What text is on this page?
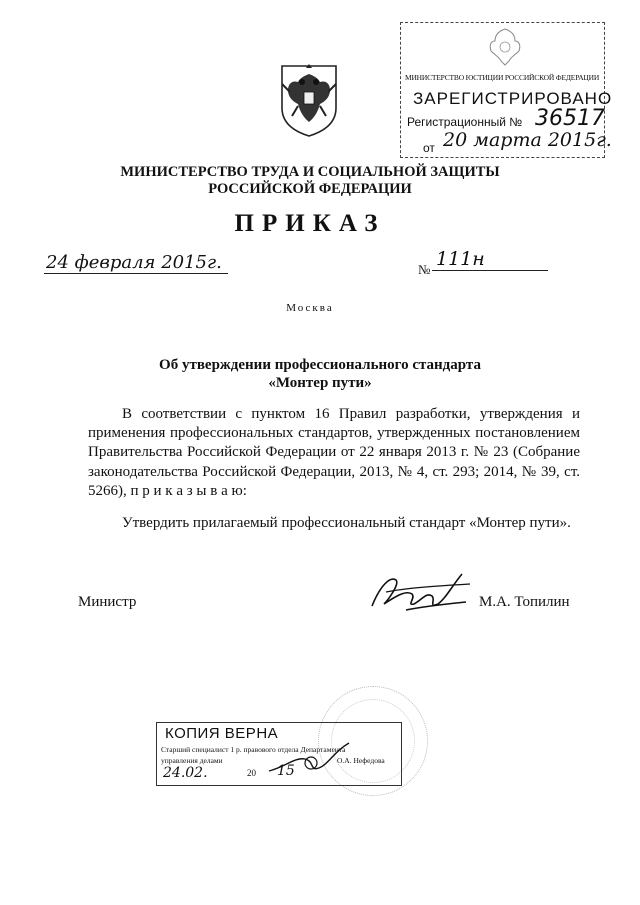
МИНИСТЕРСТВО ЮСТИЦИИ РОССИЙСКОЙ ФЕДЕРАЦИИ
ЗАРЕГИСТРИРОВАНО
Регистрационный № 36517
от 20 марта 2015г.
МИНИСТЕРСТВО ТРУДА И СОЦИАЛЬНОЙ ЗАЩИТЫ
РОССИЙСКОЙ ФЕДЕРАЦИИ
ПРИКАЗ
24 февраля 2015г.	№ 111н
Москва
Об утверждении профессионального стандарта
«Монтер пути»
В соответствии с пунктом 16 Правил разработки, утверждения и применения профессиональных стандартов, утвержденных постановлением Правительства Российской Федерации от 22 января 2013 г. № 23 (Собрание законодательства Российской Федерации, 2013, № 4, ст. 293; 2014, № 39, ст. 5266), п р и к а з ы в а ю:
Утвердить прилагаемый профессиональный стандарт «Монтер пути».
Министр	М.А. Топилин
КОПИЯ ВЕРНА
Старший специалист 1 р. правового отдела Департамента
управления делами	О.А. Нефедова
24.02.	20 15
